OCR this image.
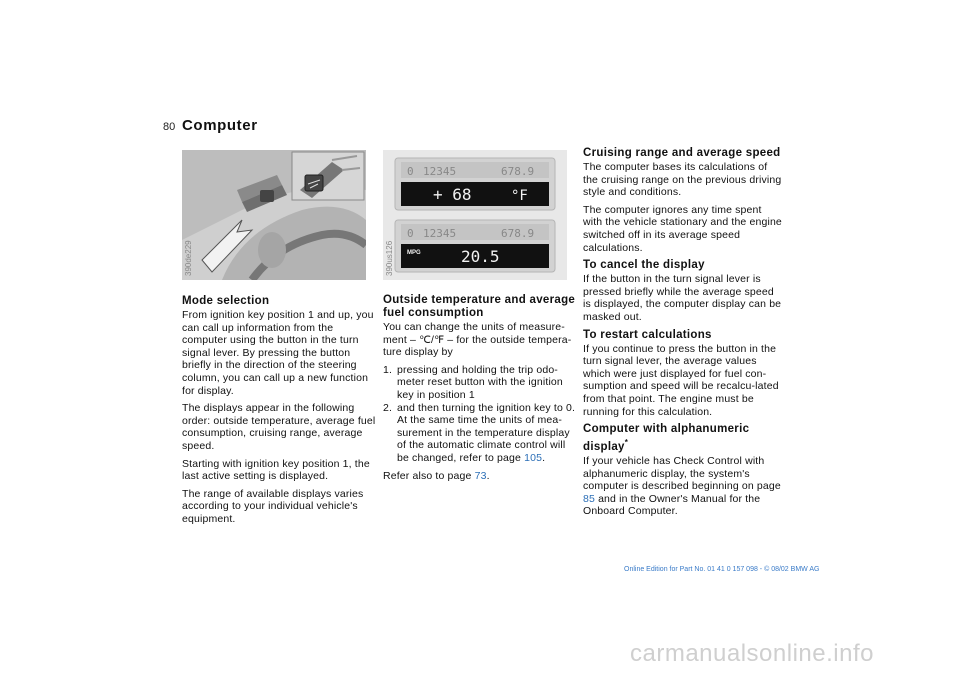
80 Computer
390de229
0 12345	678.9
+ 68	°F
0 12345	678.9
MPG	20.5
390us126
Mode selection

From ignition key position 1 and up, you can call up information from the computer using the button in the turn signal lever. By pressing the button briefly in the direction of the steering column, you can call up a new function for display.

The displays appear in the following order: outside temperature, average fuel consumption, cruising range, average speed.

Starting with ignition key position 1, the last active setting is displayed.

The range of available displays varies according to your individual vehicle's equipment.

Outside temperature and average fuel consumption

You can change the units of measure-ment – ℃/℉ – for the outside tempera-ture display by

1. pressing and holding the trip odo-meter reset button with the ignition key in position 1
2. and then turning the ignition key to 0. At the same time the units of mea-surement in the temperature display of the automatic climate control will be changed, refer to page 105.

Refer also to page 73.

Cruising range and average speed

The computer bases its calculations of the cruising range on the previous driving style and conditions.

The computer ignores any time spent with the vehicle stationary and the engine switched off in its average speed calculations.

To cancel the display

If the button in the turn signal lever is pressed briefly while the average speed is displayed, the computer display can be masked out.

To restart calculations

If you continue to press the button in the turn signal lever, the average values which were just displayed for fuel con-sumption and speed will be recalcu-lated from that point. The engine must be running for this calculation.

Computer with alphanumeric display*

If your vehicle has Check Control with alphanumeric display, the system's computer is described beginning on page 85 and in the Owner's Manual for the Onboard Computer.

Online Edition for Part No. 01 41 0 157 098 - © 08/02 BMW AG
carmanualsonline.info
